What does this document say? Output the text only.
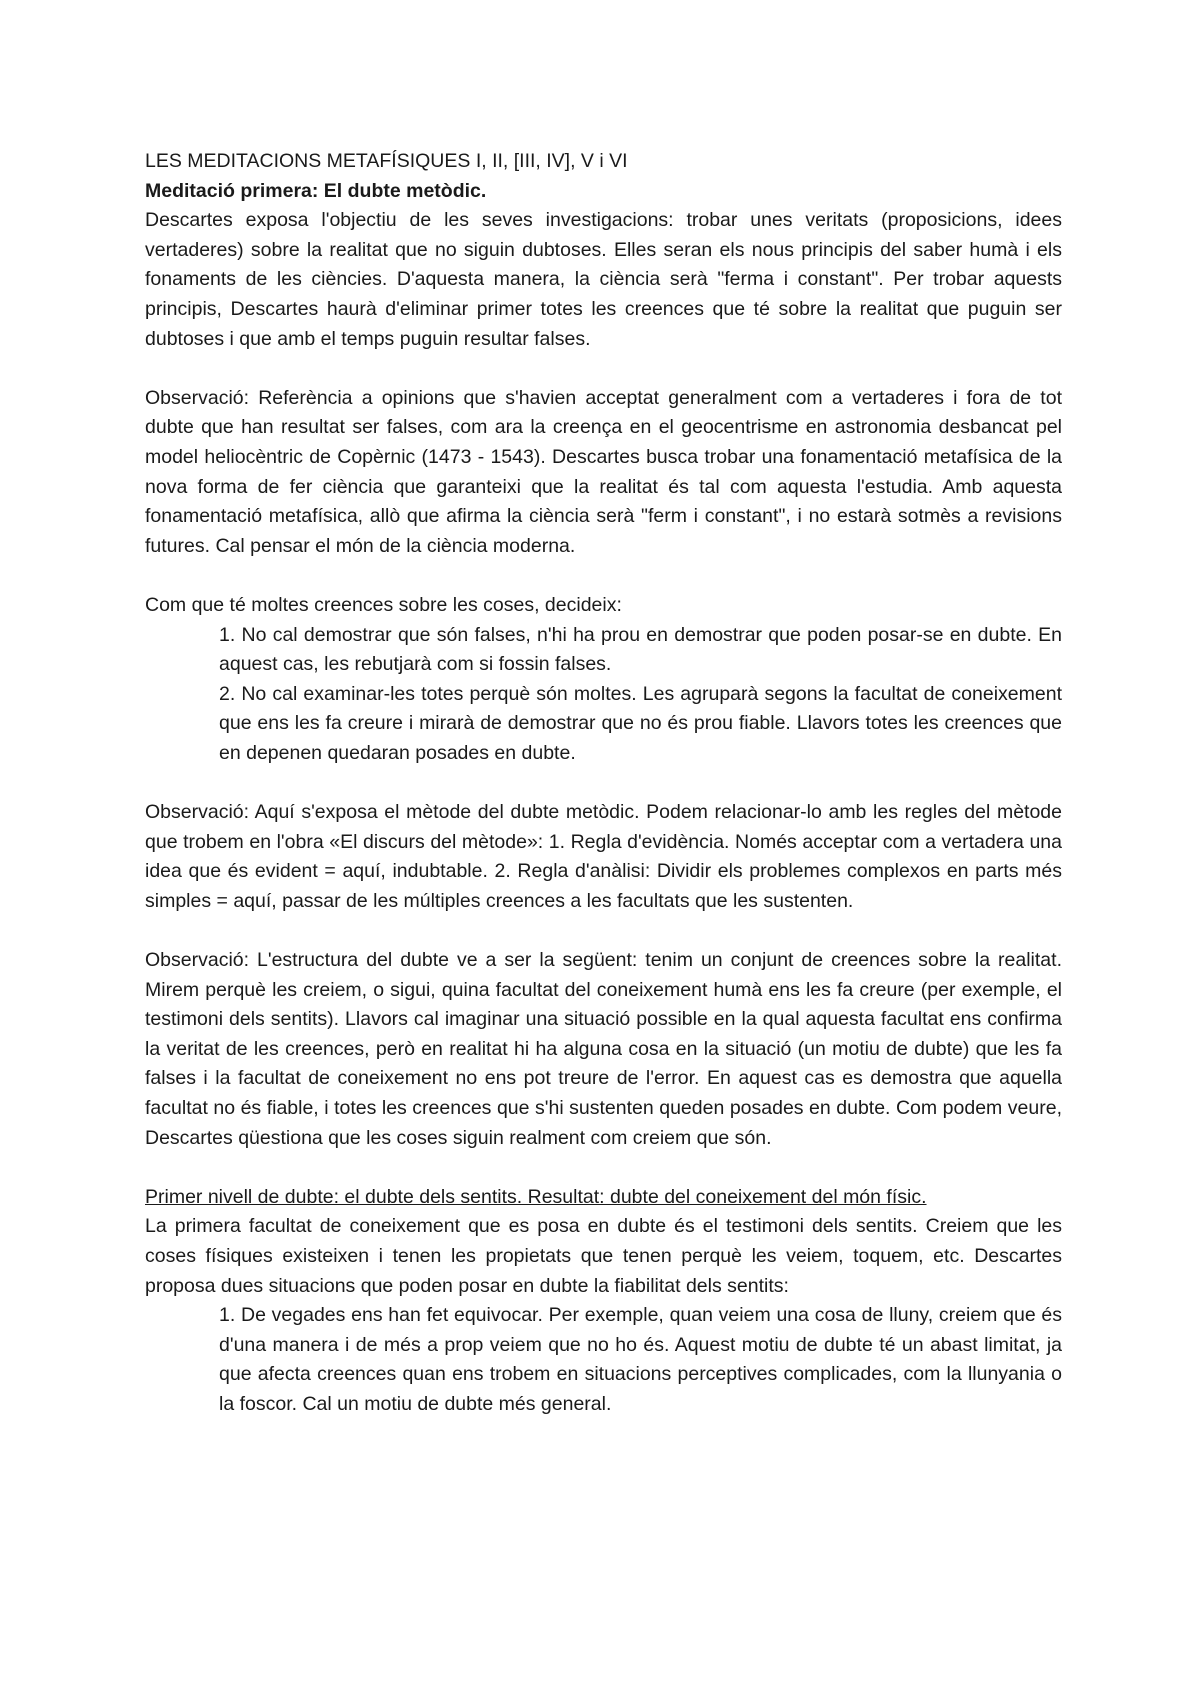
LES MEDITACIONS METAFÍSIQUES I, II, [III, IV], V i VI
Meditació primera: El dubte metòdic.

Descartes exposa l'objectiu de les seves investigacions: trobar unes veritats (proposicions, idees vertaderes) sobre la realitat que no siguin dubtoses. Elles seran els nous principis del saber humà i els fonaments de les ciències. D'aquesta manera, la ciència serà "ferma i constant". Per trobar aquests principis, Descartes haurà d'eliminar primer totes les creences que té sobre la realitat que puguin ser dubtoses i que amb el temps puguin resultar falses.

Observació: Referència a opinions que s'havien acceptat generalment com a vertaderes i fora de tot dubte que han resultat ser falses, com ara la creença en el geocentrisme en astronomia desbancat pel model heliocèntric de Copèrnic (1473 - 1543). Descartes busca trobar una fonamentació metafísica de la nova forma de fer ciència que garanteixi que la realitat és tal com aquesta l'estudia. Amb aquesta fonamentació metafísica, allò que afirma la ciència serà "ferm i constant", i no estarà sotmès a revisions futures. Cal pensar el món de la ciència moderna.

Com que té moltes creences sobre les coses, decideix:

1. No cal demostrar que són falses, n'hi ha prou en demostrar que poden posar-se en dubte. En aquest cas, les rebutjarà com si fossin falses.

2. No cal examinar-les totes perquè són moltes. Les agruparà segons la facultat de coneixement que ens les fa creure i mirarà de demostrar que no és prou fiable. Llavors totes les creences que en depenen quedaran posades en dubte.

Observació: Aquí s'exposa el mètode del dubte metòdic. Podem relacionar-lo amb les regles del mètode que trobem en l'obra «El discurs del mètode»: 1. Regla d'evidència. Només acceptar com a vertadera una idea que és evident = aquí, indubtable. 2. Regla d'anàlisi: Dividir els problemes complexos en parts més simples = aquí, passar de les múltiples creences a les facultats que les sustenten.

Observació: L'estructura del dubte ve a ser la següent: tenim un conjunt de creences sobre la realitat. Mirem perquè les creiem, o sigui, quina facultat del coneixement humà ens les fa creure (per exemple, el testimoni dels sentits). Llavors cal imaginar una situació possible en la qual aquesta facultat ens confirma la veritat de les creences, però en realitat hi ha alguna cosa en la situació (un motiu de dubte) que les fa falses i la facultat de coneixement no ens pot treure de l'error. En aquest cas es demostra que aquella facultat no és fiable, i totes les creences que s'hi sustenten queden posades en dubte. Com podem veure, Descartes qüestiona que les coses siguin realment com creiem que són.

Primer nivell de dubte: el dubte dels sentits. Resultat: dubte del coneixement del món físic.

La primera facultat de coneixement que es posa en dubte és el testimoni dels sentits. Creiem que les coses físiques existeixen i tenen les propietats que tenen perquè les veiem, toquem, etc. Descartes proposa dues situacions que poden posar en dubte la fiabilitat dels sentits:

1. De vegades ens han fet equivocar. Per exemple, quan veiem una cosa de lluny, creiem que és d'una manera i de més a prop veiem que no ho és. Aquest motiu de dubte té un abast limitat, ja que afecta creences quan ens trobem en situacions perceptives complicades, com la llunyania o la foscor. Cal un motiu de dubte més general.
